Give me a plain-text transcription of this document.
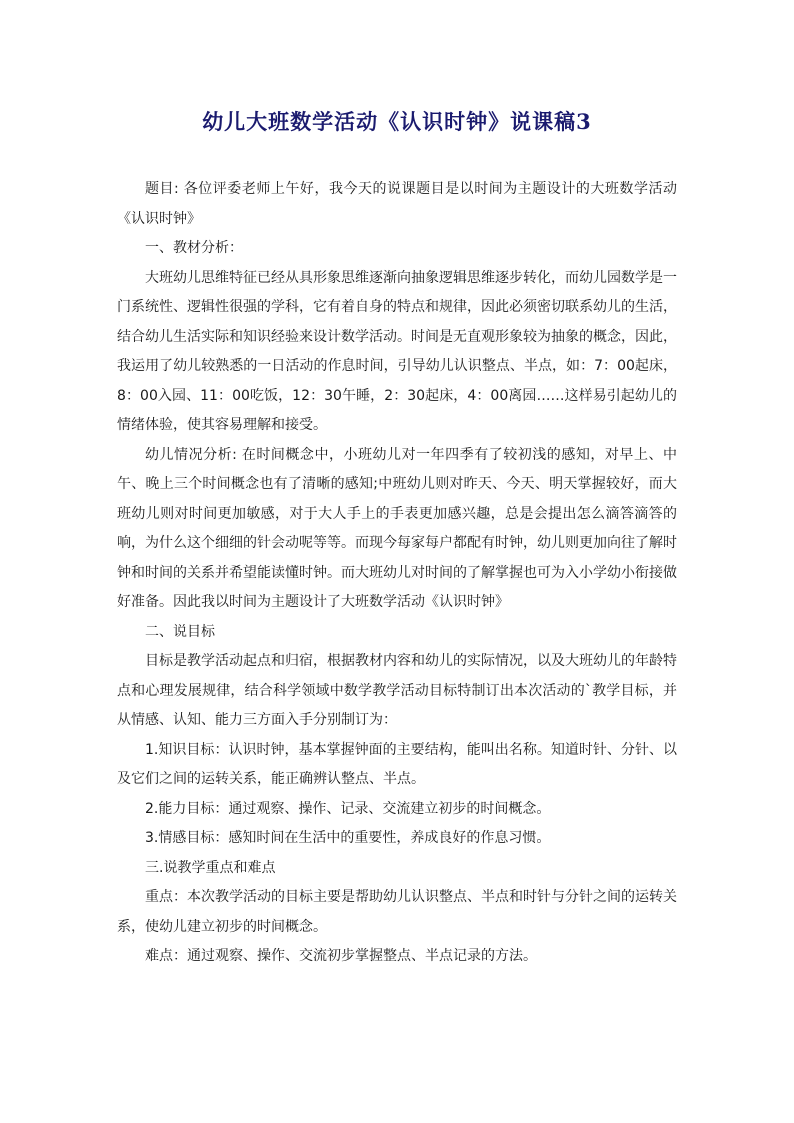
幼儿大班数学活动《认识时钟》说课稿3

题目: 各位评委老师上午好，我今天的说课题目是以时间为主题设计的大班数学活动《认识时钟》

一、教材分析：

大班幼儿思维特征已经从具形象思维逐渐向抽象逻辑思维逐步转化，而幼儿园数学是一门系统性、逻辑性很强的学科，它有着自身的特点和规律，因此必须密切联系幼儿的生活，结合幼儿生活实际和知识经验来设计数学活动。时间是无直观形象较为抽象的概念，因此，我运用了幼儿较熟悉的一日活动的作息时间，引导幼儿认识整点、半点，如：7：00起床，8：00入园、11：00吃饭，12：30午睡，2：30起床，4：00离园……这样易引起幼儿的情绪体验，使其容易理解和接受。

幼儿情况分析: 在时间概念中，小班幼儿对一年四季有了较初浅的感知，对早上、中午、晚上三个时间概念也有了清晰的感知;中班幼儿则对昨天、今天、明天掌握较好，而大班幼儿则对时间更加敏感，对于大人手上的手表更加感兴趣，总是会提出怎么滴答滴答的响，为什么这个细细的针会动呢等等。而现今每家每户都配有时钟，幼儿则更加向往了解时钟和时间的关系并希望能读懂时钟。而大班幼儿对时间的了解掌握也可为入小学幼小衔接做好准备。因此我以时间为主题设计了大班数学活动《认识时钟》

二、说目标

目标是教学活动起点和归宿，根据教材内容和幼儿的实际情况，以及大班幼儿的年龄特点和心理发展规律，结合科学领域中数学教学活动目标特制订出本次活动的`教学目标，并从情感、认知、能力三方面入手分别制订为：

1.知识目标：认识时钟，基本掌握钟面的主要结构，能叫出名称。知道时针、分针、以及它们之间的运转关系，能正确辨认整点、半点。

2.能力目标：通过观察、操作、记录、交流建立初步的时间概念。

3.情感目标：感知时间在生活中的重要性，养成良好的作息习惯。

三.说教学重点和难点

重点：本次教学活动的目标主要是帮助幼儿认识整点、半点和时针与分针之间的运转关系，使幼儿建立初步的时间概念。

难点：通过观察、操作、交流初步掌握整点、半点记录的方法。
